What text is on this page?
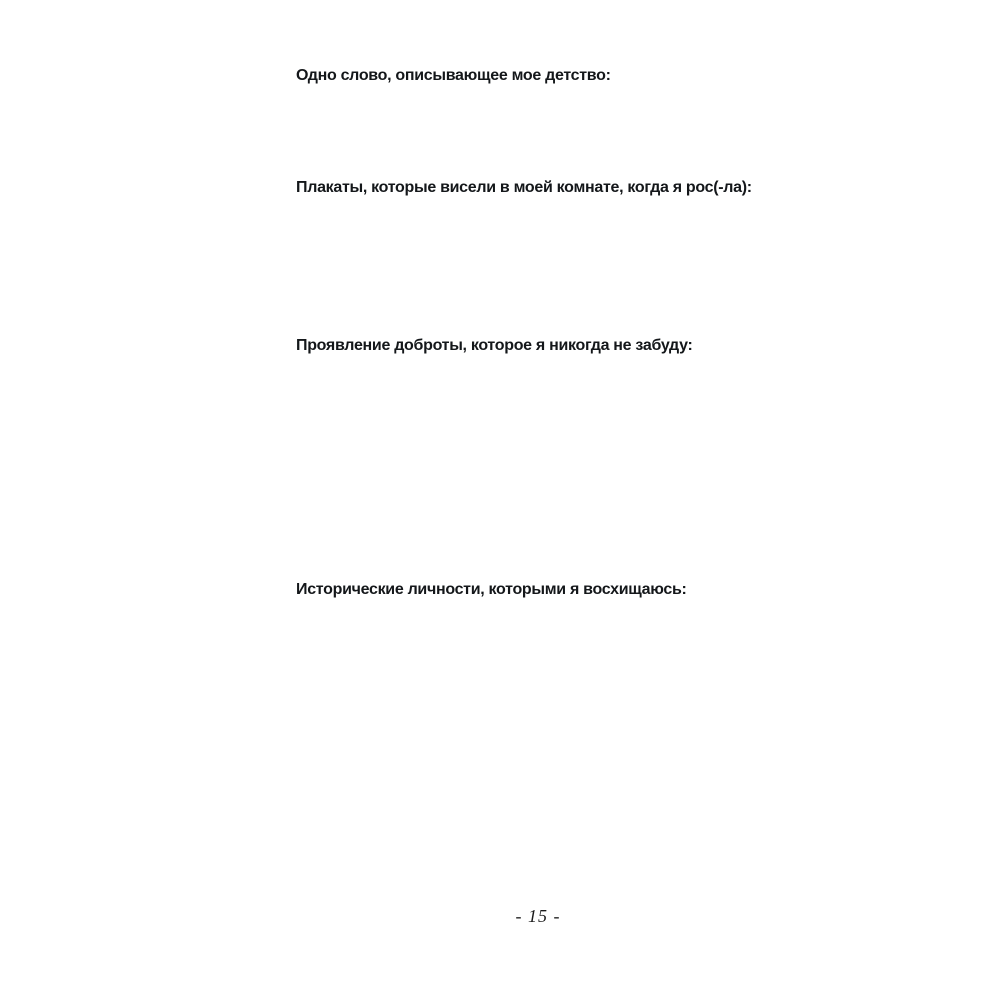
Одно слово, описывающее мое детство:
Плакаты, которые висели в моей комнате, когда я рос(-ла):
Проявление доброты, которое я никогда не забуду:
Исторические личности, которыми я восхищаюсь:
- 15 -
